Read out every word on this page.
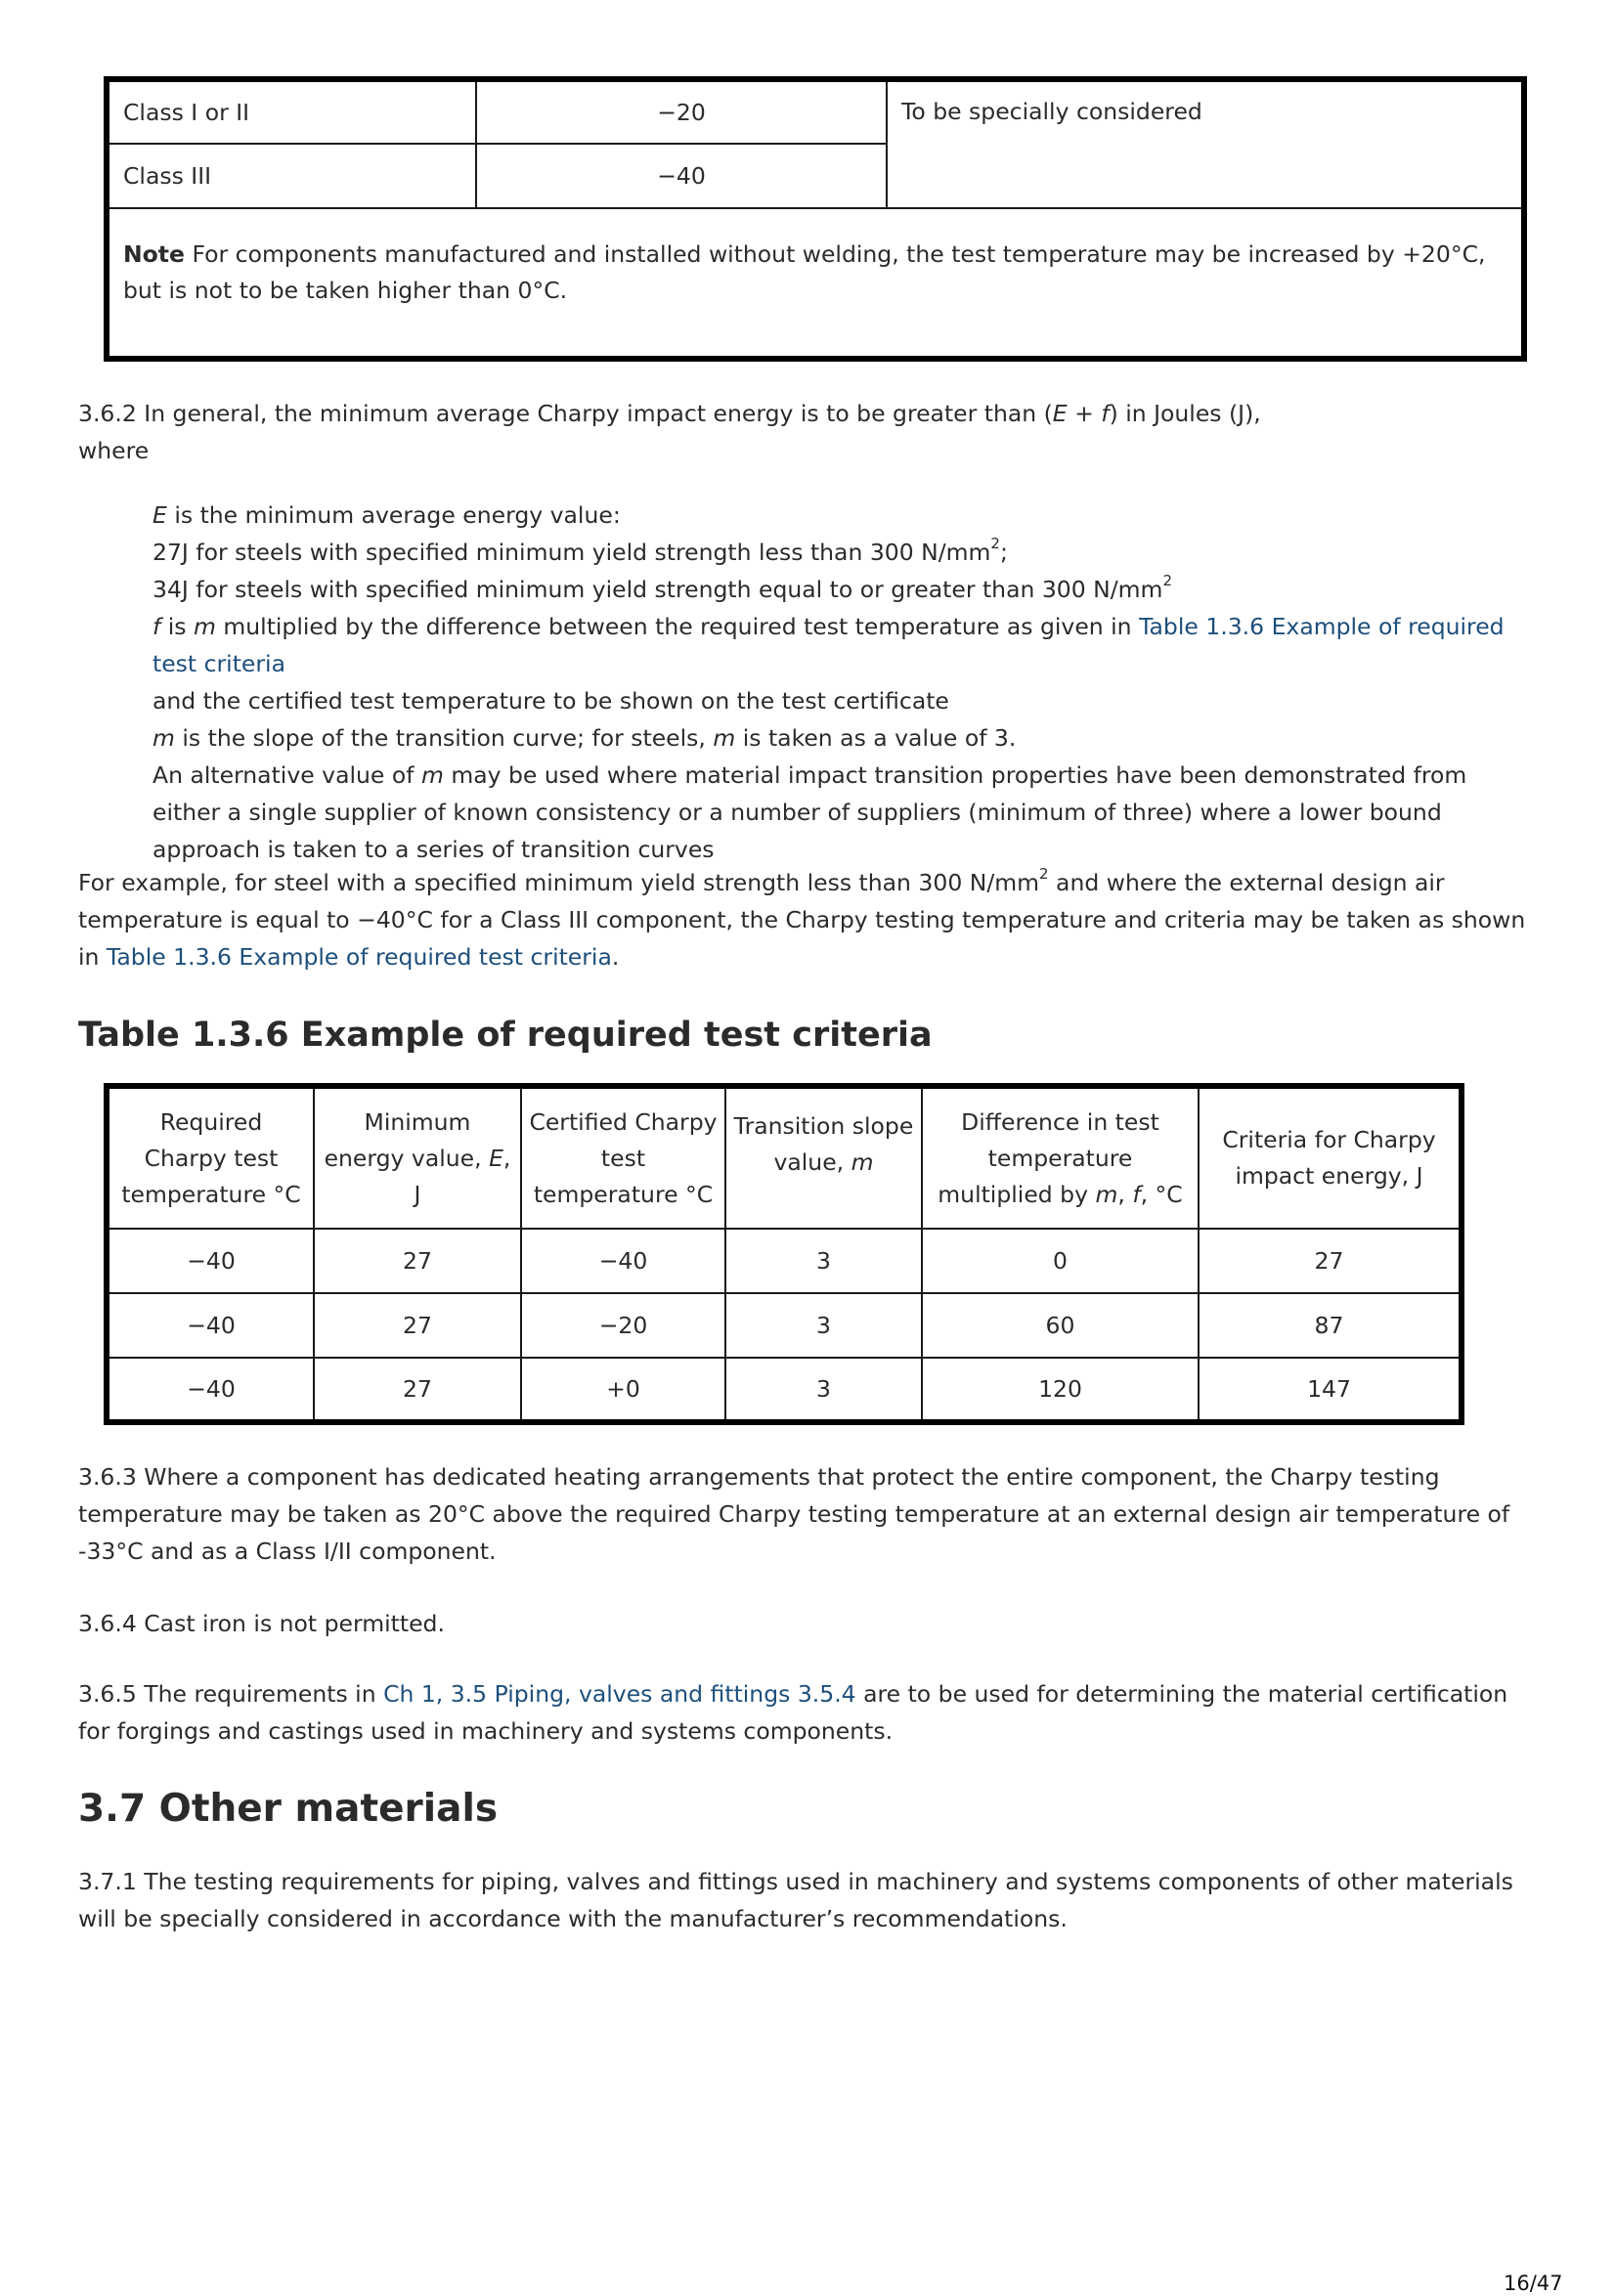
Class I or II	−20	To be specially considered
Class III	−40	
Note For components manufactured and installed without welding, the test temperature may be increased by +20°C, but is not to be taken higher than 0°C.		

3.6.2 In general, the minimum average Charpy impact energy is to be greater than (E + f) in Joules (J),
where

E is the minimum average energy value:
27J for steels with specified minimum yield strength less than 300 $N/mm^2$;
34J for steels with specified minimum yield strength equal to or greater than 300 $N/mm^2$
f is m multiplied by the difference between the required test temperature as given in Table 1.3.6 Example of required test criteria
and the certified test temperature to be shown on the test certificate
m is the slope of the transition curve; for steels, m is taken as a value of 3.
An alternative value of m may be used where material impact transition properties have been demonstrated from either a single supplier of known consistency or a number of suppliers (minimum of three) where a lower bound approach is taken to a series of transition curves

For example, for steel with a specified minimum yield strength less than 300 $N/mm^2$ and where the external design air temperature is equal to −40°C for a Class III component, the Charpy testing temperature and criteria may be taken as shown in Table 1.3.6 Example of required test criteria.

Table 1.3.6 Example of required test criteria
Required Charpy test temperature °C	Minimum energy value, E, J	Certified Charpy test temperature °C	Transition slope value, m	Difference in test temperature multiplied by m, f, °C	Criteria for Charpy impact energy, J
−40	27	−40	3	0	27
−40	27	−20	3	60	87
−40	27	+0	3	120	147

3.6.3 Where a component has dedicated heating arrangements that protect the entire component, the Charpy testing temperature may be taken as 20°C above the required Charpy testing temperature at an external design air temperature of -33°C and as a Class I/II component.

3.6.4 Cast iron is not permitted.

3.6.5 The requirements in Ch 1, 3.5 Piping, valves and fittings 3.5.4 are to be used for determining the material certification for forgings and castings used in machinery and systems components.

3.7 Other materials

3.7.1 The testing requirements for piping, valves and fittings used in machinery and systems components of other materials will be specially considered in accordance with the manufacturer’s recommendations.

16/47
